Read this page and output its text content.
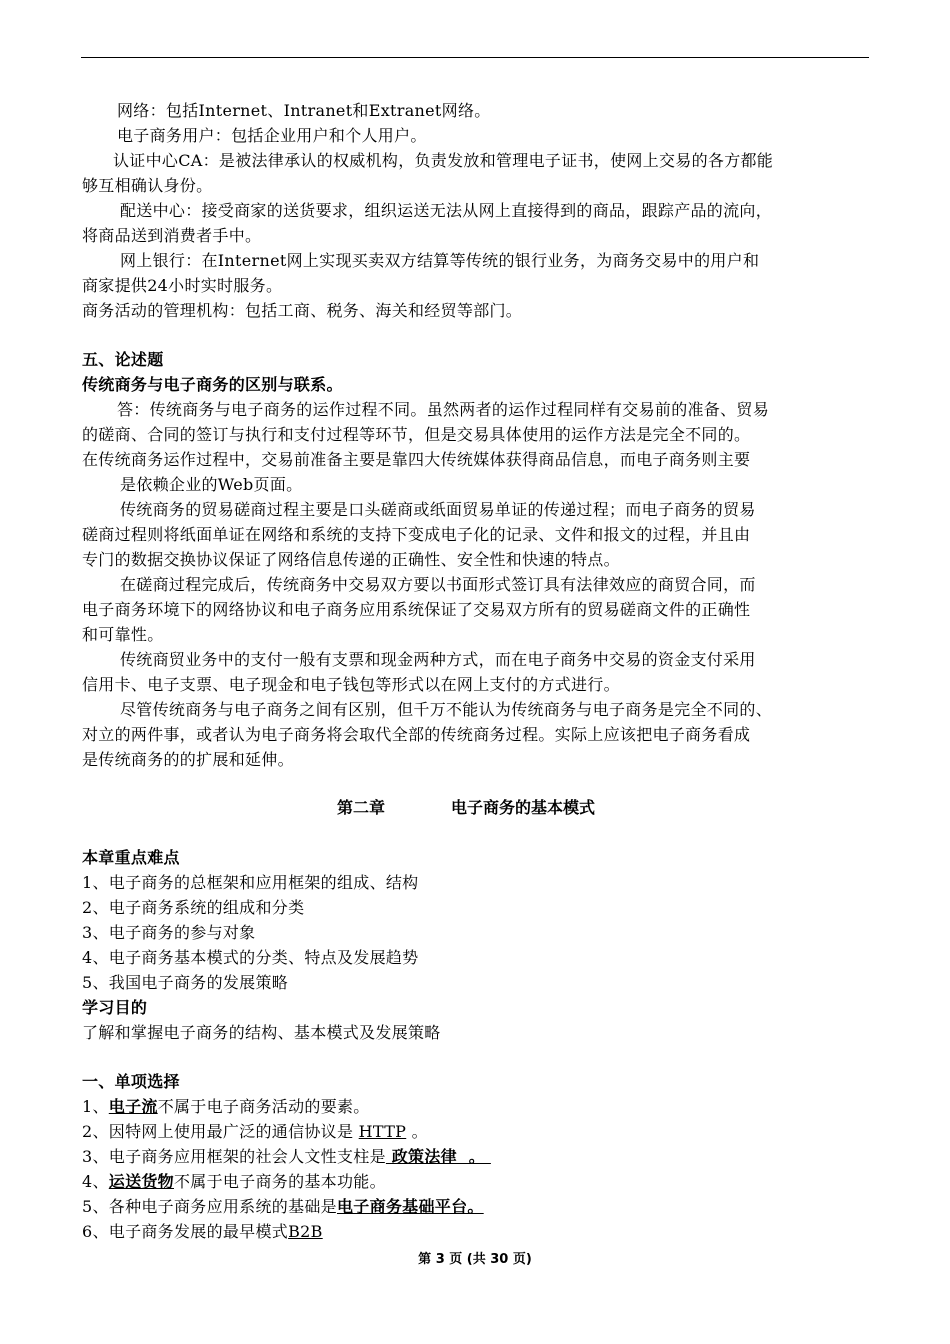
网络：包括Internet、Intranet和Extranet网络。
电子商务用户：包括企业用户和个人用户。
认证中心CA：是被法律承认的权威机构，负责发放和管理电子证书，使网上交易的各方都能
够互相确认身份。
配送中心：接受商家的送货要求，组织运送无法从网上直接得到的商品，跟踪产品的流向，
将商品送到消费者手中。
网上银行：在Internet网上实现买卖双方结算等传统的银行业务，为商务交易中的用户和
商家提供24小时实时服务。
商务活动的管理机构：包括工商、税务、海关和经贸等部门。
五、论述题
传统商务与电子商务的区别与联系。
答：传统商务与电子商务的运作过程不同。虽然两者的运作过程同样有交易前的准备、贸易
的磋商、合同的签订与执行和支付过程等环节，但是交易具体使用的运作方法是完全不同的。
在传统商务运作过程中，交易前准备主要是靠四大传统媒体获得商品信息，而电子商务则主要
是依赖企业的Web页面。
传统商务的贸易磋商过程主要是口头磋商或纸面贸易单证的传递过程；而电子商务的贸易
磋商过程则将纸面单证在网络和系统的支持下变成电子化的记录、文件和报文的过程，并且由
专门的数据交换协议保证了网络信息传递的正确性、安全性和快速的特点。
在磋商过程完成后，传统商务中交易双方要以书面形式签订具有法律效应的商贸合同，而
电子商务环境下的网络协议和电子商务应用系统保证了交易双方所有的贸易磋商文件的正确性
和可靠性。
传统商贸业务中的支付一般有支票和现金两种方式，而在电子商务中交易的资金支付采用
信用卡、电子支票、电子现金和电子钱包等形式以在网上支付的方式进行。
尽管传统商务与电子商务之间有区别，但千万不能认为传统商务与电子商务是完全不同的、
对立的两件事，或者认为电子商务将会取代全部的传统商务过程。实际上应该把电子商务看成
是传统商务的的扩展和延伸。
第二章	电子商务的基本模式
本章重点难点
1、电子商务的总框架和应用框架的组成、结构
2、电子商务系统的组成和分类
3、电子商务的参与对象
4、电子商务基本模式的分类、特点及发展趋势
5、我国电子商务的发展策略
学习目的
了解和掌握电子商务的结构、基本模式及发展策略
一、单项选择
1、电子流不属于电子商务活动的要素。
2、因特网上使用最广泛的通信协议是 HTTP 。
3、电子商务应用框架的社会人文性支柱是 政策法律  。
4、运送货物不属于电子商务的基本功能。
5、各种电子商务应用系统的基础是电子商务基础平台。
6、电子商务发展的最早模式B2B
第 3 页 (共 30 页)
